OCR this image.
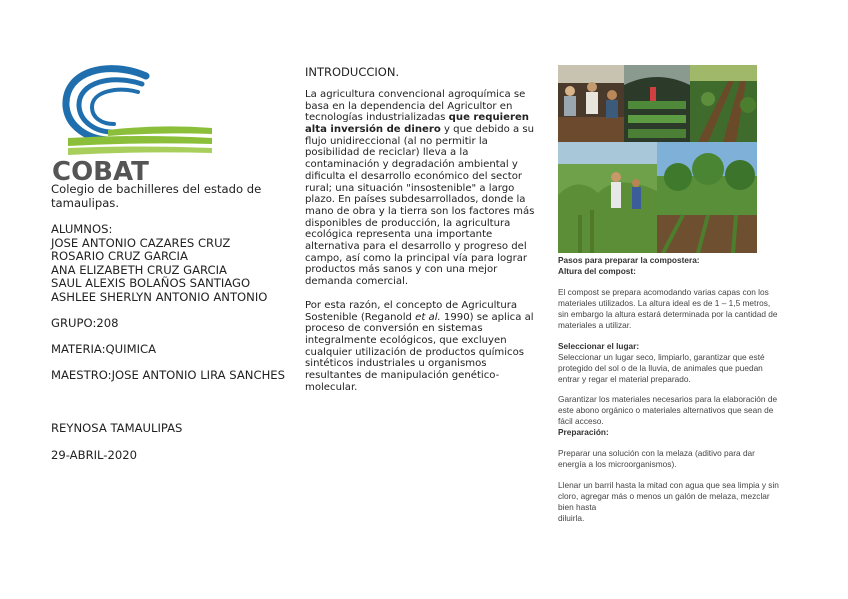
COBAT
Colegio de bachilleres del estado de tamaulipas.
ALUMNOS:
JOSE ANTONIO CAZARES CRUZ
ROSARIO CRUZ GARCIA
ANA ELIZABETH CRUZ GARCIA
SAUL ALEXIS BOLAÑOS SANTIAGO
ASHLEE SHERLYN ANTONIO ANTONIO
GRUPO:208
MATERIA:QUIMICA
MAESTRO:JOSE ANTONIO LIRA SANCHES
REYNOSA TAMAULIPAS
29-ABRIL-2020
INTRODUCCION.
La agricultura convencional agroquímica se
basa en la dependencia del Agricultor en
tecnologías industrializadas que requieren
alta inversión de dinero y que debido a su
flujo unidireccional (al no permitir la
posibilidad de reciclar) lleva a la
contaminación y degradación ambiental y
dificulta el desarrollo económico del sector
rural; una situación "insostenible" a largo
plazo. En países subdesarrollados, donde la
mano de obra y la tierra son los factores más
disponibles de producción, la agricultura
ecológica representa una importante
alternativa para el desarrollo y progreso del
campo, así como la principal vía para lograr
productos más sanos y con una mejor
demanda comercial.
Por esta razón, el concepto de Agricultura
Sostenible (Reganold et al. 1990) se aplica al
proceso de conversión en sistemas
integralmente ecológicos, que excluyen
cualquier utilización de productos químicos
sintéticos industriales u organismos
resultantes de manipulación genético-
molecular.
Pasos para preparar la compostera:
Altura del compost:
El compost se prepara acomodando varias capas con los
materiales utilizados. La altura ideal es de 1 – 1,5 metros,
sin embargo la altura estará determinada por la cantidad de
materiales a utilizar.
Seleccionar el lugar:
Seleccionar un lugar seco, limpiarlo, garantizar que esté
protegido del sol o de la lluvia, de animales que puedan
entrar y regar el material preparado.
Garantizar los materiales necesarios para la elaboración de
este abono orgánico o materiales alternativos que sean de
fácil acceso.
Preparación:
Preparar una solución con la melaza (aditivo para dar
energía a los microorganismos).
Llenar un barril hasta la mitad con agua que sea limpia y sin
cloro, agregar más o menos un galón de melaza, mezclar
bien hasta
diluirla.
